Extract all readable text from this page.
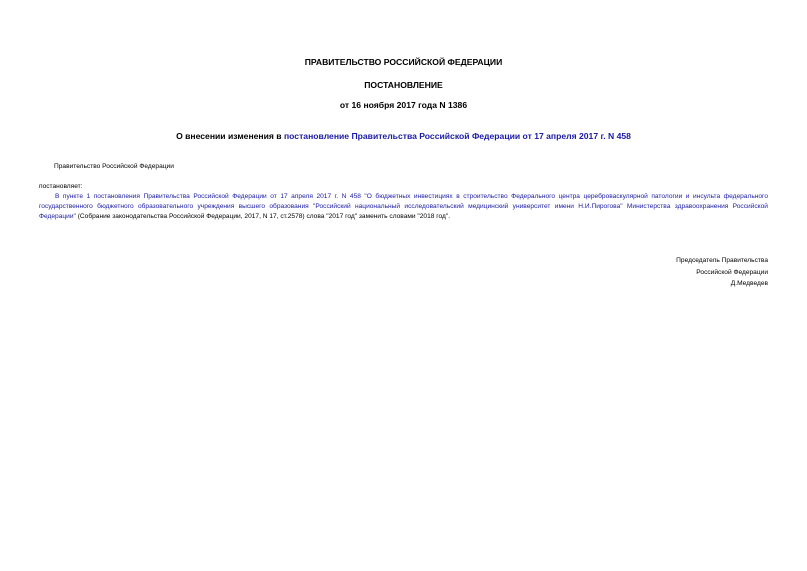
ПРАВИТЕЛЬСТВО РОССИЙСКОЙ ФЕДЕРАЦИИ
ПОСТАНОВЛЕНИЕ
от 16 ноября 2017 года N 1386
О внесении изменения в постановление Правительства Российской Федерации от 17 апреля 2017 г. N 458
Правительство Российской Федерации
постановляет:
В пункте 1 постановления Правительства Российской Федерации от 17 апреля 2017 г. N 458 "О бюджетных инвестициях в строительство Федерального центра цереброваскулярной патологии и инсульта федерального государственного бюджетного образовательного учреждения высшего образования "Российский национальный исследовательский медицинский университет имени Н.И.Пирогова" Министерства здравоохранения Российской Федерации" (Собрание законодательства Российской Федерации, 2017, N 17, ст.2578) слова "2017 год" заменить словами "2018 год".
Председатель Правительства
Российской Федерации
Д.Медведев
